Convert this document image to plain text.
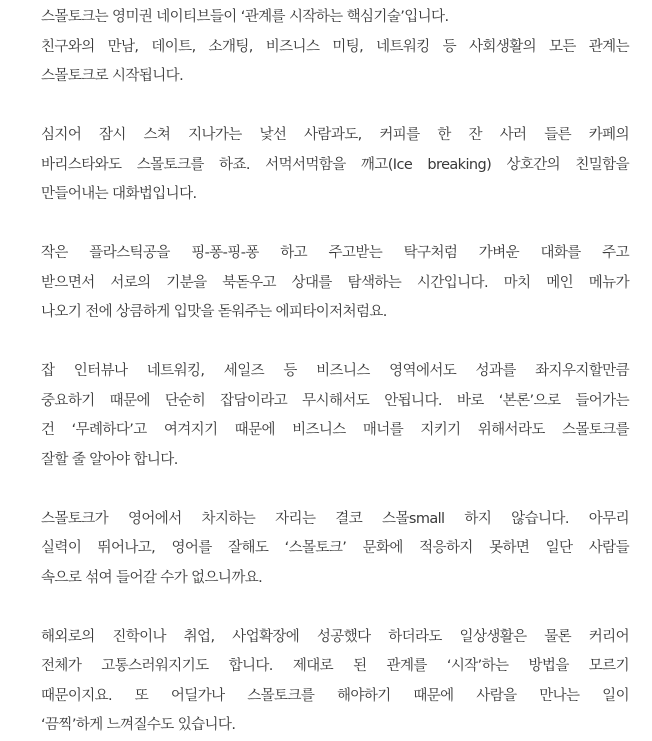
스몰토크는 영미권 네이티브들이 ‘관계를 시작하는 핵심기술’입니다.
친구와의 만남, 데이트, 소개팅, 비즈니스 미팅, 네트워킹 등 사회생활의 모든 관계는
스몰토크로 시작됩니다.

심지어 잠시 스쳐 지나가는 낯선 사람과도, 커피를 한 잔 사러 들른 카페의
바리스타와도 스몰토크를 하죠. 서먹서먹함을 깨고(Ice breaking) 상호간의 친밀함을
만들어내는 대화법입니다.

작은 플라스틱공을 핑-퐁-핑-퐁 하고 주고받는 탁구처럼 가벼운 대화를 주고
받으면서 서로의 기분을 북돋우고 상대를 탐색하는 시간입니다. 마치 메인 메뉴가
나오기 전에 상큼하게 입맛을 돋워주는 에피타이저처럼요.

잡 인터뷰나 네트워킹, 세일즈 등 비즈니스 영역에서도 성과를 좌지우지할만큼
중요하기 때문에 단순히 잡담이라고 무시해서도 안됩니다. 바로 ‘본론’으로 들어가는
건 ‘무례하다’고 여겨지기 때문에 비즈니스 매너를 지키기 위해서라도 스몰토크를
잘할 줄 알아야 합니다.

스몰토크가 영어에서 차지하는 자리는 결코 스몰small 하지 않습니다. 아무리
실력이 뛰어나고, 영어를 잘해도 ‘스몰토크’ 문화에 적응하지 못하면 일단 사람들
속으로 섞여 들어갈 수가 없으니까요.

해외로의 진학이나 취업, 사업확장에 성공했다 하더라도 일상생활은 물론 커리어
전체가 고통스러워지기도 합니다. 제대로 된 관계를 ‘시작’하는 방법을 모르기
때문이지요. 또 어딜가나 스몰토크를 해야하기 때문에 사람을 만나는 일이
‘끔찍’하게 느껴질수도 있습니다.
